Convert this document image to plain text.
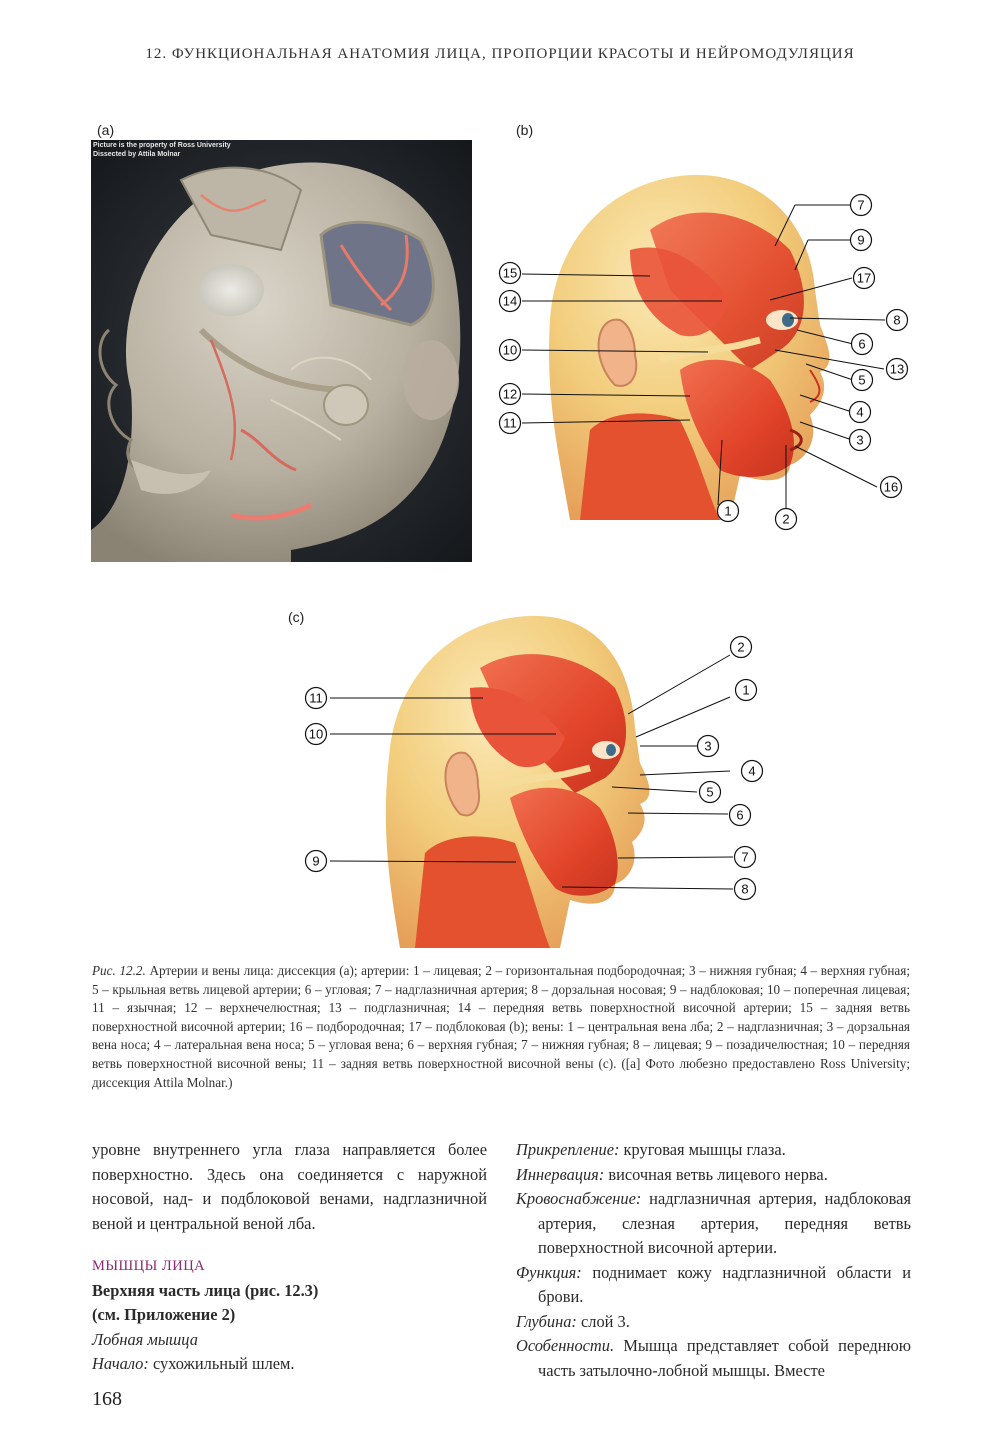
12. ФУНКЦИОНАЛЬНАЯ АНАТОМИЯ ЛИЦА, ПРОПОРЦИИ КРАСОТЫ И НЕЙРОМОДУЛЯЦИЯ
(a)
Picture is the property of Ross University
Dissected by Attila Molnar
(b)
7
9
17
8
6
13
5
4
3
16
15
14
10
12
11
1
2
(c)
2
1
3
4
5
6
7
8
11
10
9
Рис. 12.2. Артерии и вены лица: диссекция (а); артерии: 1 – лицевая; 2 – горизонтальная подбородочная; 3 – нижняя губная; 4 – верхняя губная; 5 – крыльная ветвь лицевой артерии; 6 – угловая; 7 – надглазничная артерия; 8 – дорзальная носовая; 9 – надблоковая; 10 – поперечная лицевая; 11 – язычная; 12 – верхнечелюстная; 13 – подглазничная; 14 – передняя ветвь поверхностной височной артерии; 15 – задняя ветвь поверхностной височной артерии; 16 – подбородочная; 17 – подблоковая (b); вены: 1 – центральная вена лба; 2 – надглазничная; 3 – дорзальная вена носа; 4 – латеральная вена носа; 5 – угловая вена; 6 – верхняя губная; 7 – нижняя губная; 8 – лицевая; 9 – позадичелюстная; 10 – передняя ветвь поверхностной височной вены; 11 – задняя ветвь поверхностной височной вены (c). ([a] Фото любезно предоставлено Ross University; диссекция Attila Molnar.)
уровне внутреннего угла глаза направляется более поверхностно. Здесь она соединяется с наружной носовой, над- и подблоковой венами, надглазничной веной и центральной веной лба.
МЫШЦЫ ЛИЦА
Верхняя часть лица (рис. 12.3)
(см. Приложение 2)
Лобная мышца
Начало: сухожильный шлем.
Прикрепление: круговая мышцы глаза.
Иннервация: височная ветвь лицевого нерва.
Кровоснабжение: надглазничная артерия, надблоковая артерия, слезная артерия, передняя ветвь поверхностной височной артерии.
Функция: поднимает кожу надглазничной области и брови.
Глубина: слой 3.
Особенности. Мышца представляет собой переднюю часть затылочно-лобной мышцы. Вместе
168
